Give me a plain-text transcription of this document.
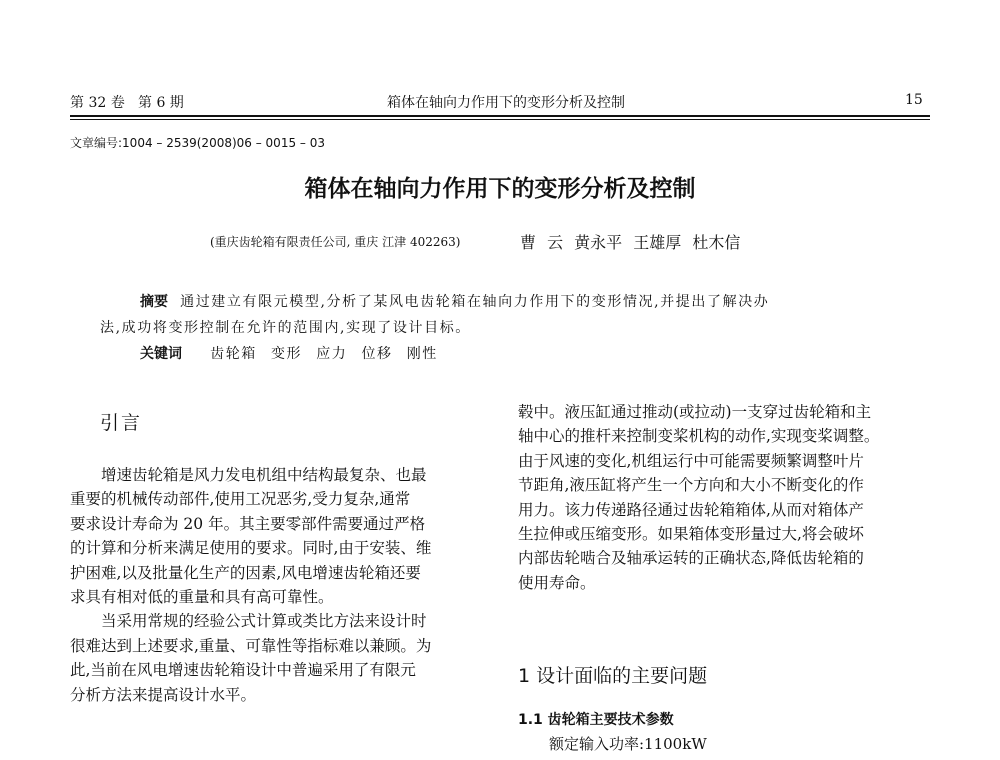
第 32 卷 第 6 期	箱体在轴向力作用下的变形分析及控制	15
文章编号:1004 – 2539(2008)06 – 0015 – 03
箱体在轴向力作用下的变形分析及控制
(重庆齿轮箱有限责任公司, 重庆 江津 402263)	曹 云 黄永平 王雄厚 杜木信
摘要 通过建立有限元模型,分析了某风电齿轮箱在轴向力作用下的变形情况,并提出了解决办
法,成功将变形控制在允许的范围内,实现了设计目标。
关键词 齿轮箱 变形 应力 位移 刚性
引言
增速齿轮箱是风力发电机组中结构最复杂、也最
重要的机械传动部件,使用工况恶劣,受力复杂,通常
要求设计寿命为 20 年。其主要零部件需要通过严格
的计算和分析来满足使用的要求。同时,由于安装、维
护困难,以及批量化生产的因素,风电增速齿轮箱还要
求具有相对低的重量和具有高可靠性。
当采用常规的经验公式计算或类比方法来设计时
很难达到上述要求,重量、可靠性等指标难以兼顾。为
此,当前在风电增速齿轮箱设计中普遍采用了有限元
分析方法来提高设计水平。
毂中。液压缸通过推动(或拉动)一支穿过齿轮箱和主
轴中心的推杆来控制变桨机构的动作,实现变桨调整。
由于风速的变化,机组运行中可能需要频繁调整叶片
节距角,液压缸将产生一个方向和大小不断变化的作
用力。该力传递路径通过齿轮箱箱体,从而对箱体产
生拉伸或压缩变形。如果箱体变形量过大,将会破坏
内部齿轮啮合及轴承运转的正确状态,降低齿轮箱的
使用寿命。
1 设计面临的主要问题
1.1 齿轮箱主要技术参数
额定输入功率:1100kW
